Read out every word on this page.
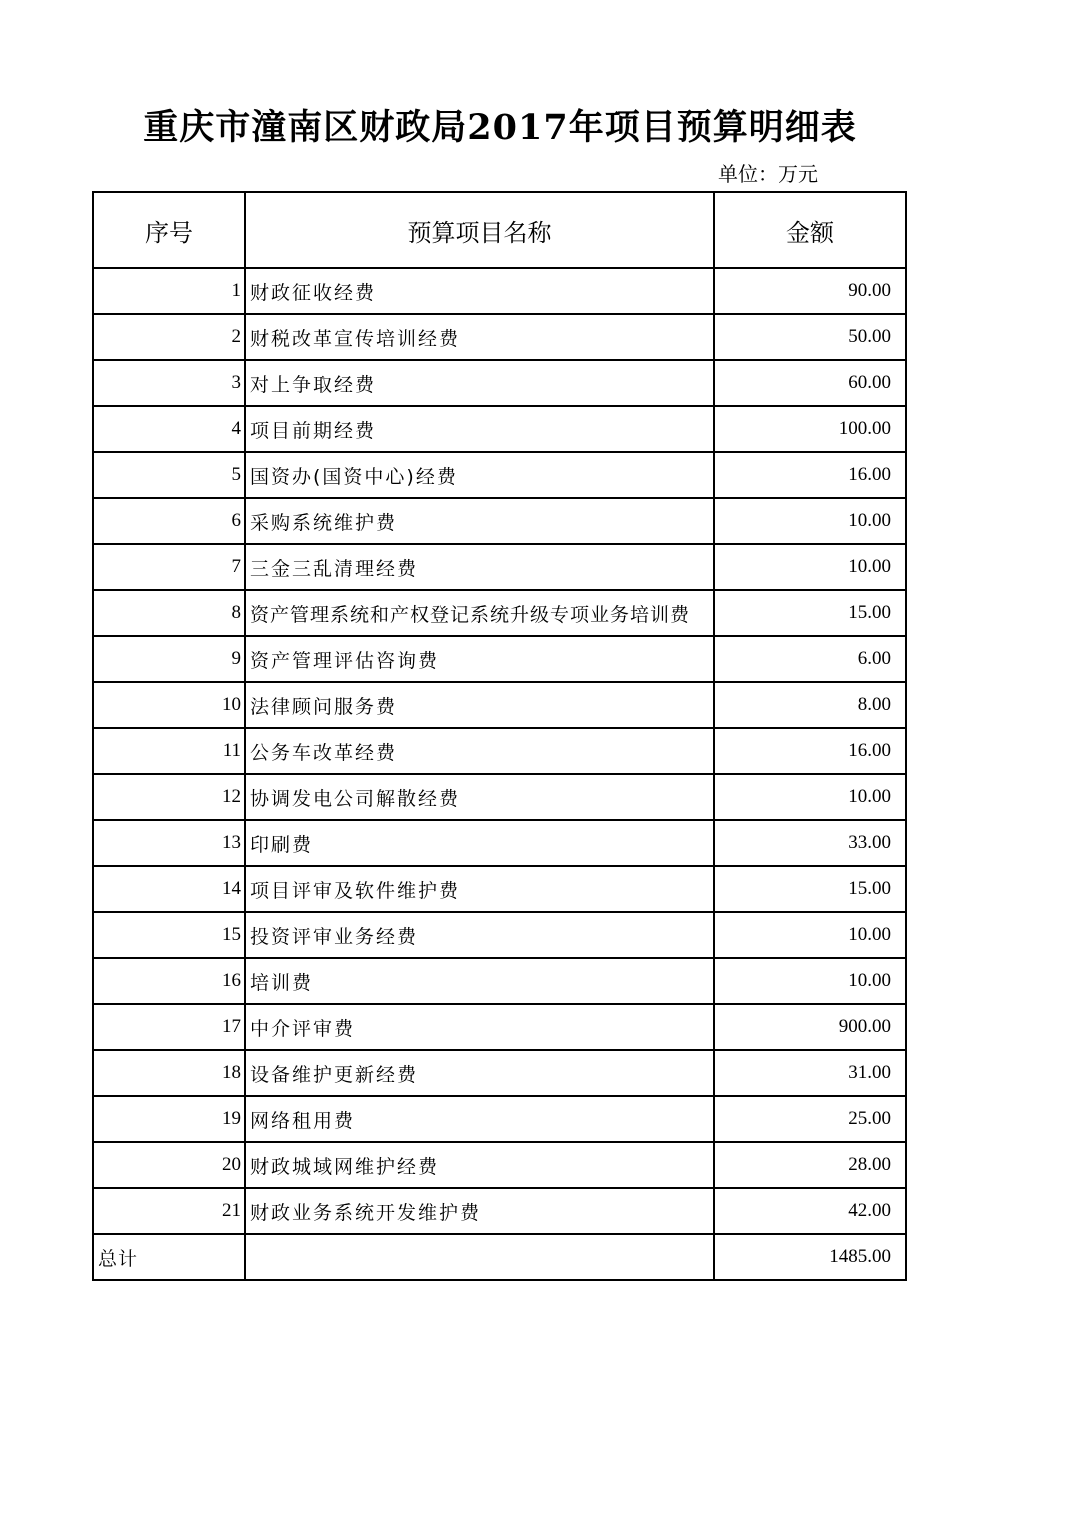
重庆市潼南区财政局2017年项目预算明细表
单位：万元
序号	预算项目名称	金额
1	财政征收经费	90.00
2	财税改革宣传培训经费	50.00
3	对上争取经费	60.00
4	项目前期经费	100.00
5	国资办(国资中心)经费	16.00
6	采购系统维护费	10.00
7	三金三乱清理经费	10.00
8	资产管理系统和产权登记系统升级专项业务培训费	15.00
9	资产管理评估咨询费	6.00
10	法律顾问服务费	8.00
11	公务车改革经费	16.00
12	协调发电公司解散经费	10.00
13	印刷费	33.00
14	项目评审及软件维护费	15.00
15	投资评审业务经费	10.00
16	培训费	10.00
17	中介评审费	900.00
18	设备维护更新经费	31.00
19	网络租用费	25.00
20	财政城域网维护经费	28.00
21	财政业务系统开发维护费	42.00
总计		1485.00
